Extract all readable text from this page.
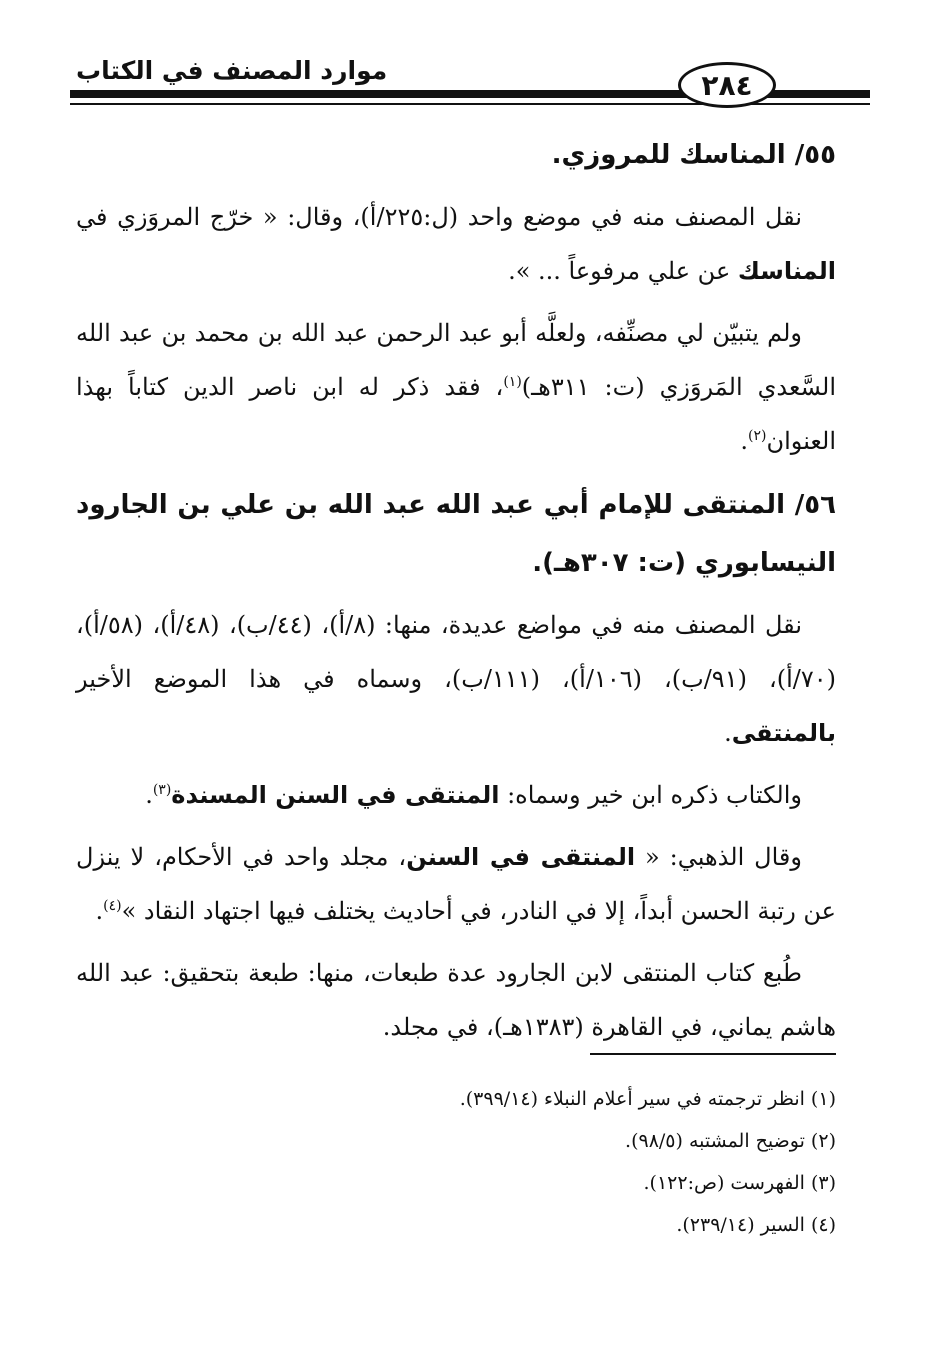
موارد المصنف في الكتاب	٢٨٤
٥٥/ المناسك للمروزي.

نقل المصنف منه في موضع واحد (ل:٢٢٥/أ)، وقال: « خرّج المروَزي في المناسك عن علي مرفوعاً ... ».

ولم يتبيّن لي مصنِّفه، ولعلَّه أبو عبد الرحمن عبد الله بن محمد بن عبد الله السَّعدي المَروَزي (ت: ٣١١هـ)$^{(١)}$، فقد ذكر له ابن ناصر الدين كتاباً بهذا العنوان$^{(٢)}$.

٥٦/ المنتقى للإمام أبي عبد الله عبد الله بن علي بن الجارود النيسابوري (ت: ٣٠٧هـ).

نقل المصنف منه في مواضع عديدة، منها: (٨/أ)، (٤٤/ب)، (٤٨/أ)، (٥٨/أ)، (٧٠/أ)، (٩١/ب)، (١٠٦/أ)، (١١١/ب)، وسماه في هذا الموضع الأخير بالمنتقى.

والكتاب ذكره ابن خير وسماه: المنتقى في السنن المسندة$^{(٣)}$.

وقال الذهبي: « المنتقى في السنن، مجلد واحد في الأحكام، لا ينزل عن رتبة الحسن أبداً، إلا في النادر، في أحاديث يختلف فيها اجتهاد النقاد »$^{(٤)}$.

طُبع كتاب المنتقى لابن الجارود عدة طبعات، منها: طبعة بتحقيق: عبد الله هاشم يماني، في القاهرة (١٣٨٣هـ)، في مجلد.

(١) انظر ترجمته في سير أعلام النبلاء (٣٩٩/١٤).
(٢) توضيح المشتبه (٩٨/٥).
(٣) الفهرست (ص:١٢٢).
(٤) السير (٢٣٩/١٤).
